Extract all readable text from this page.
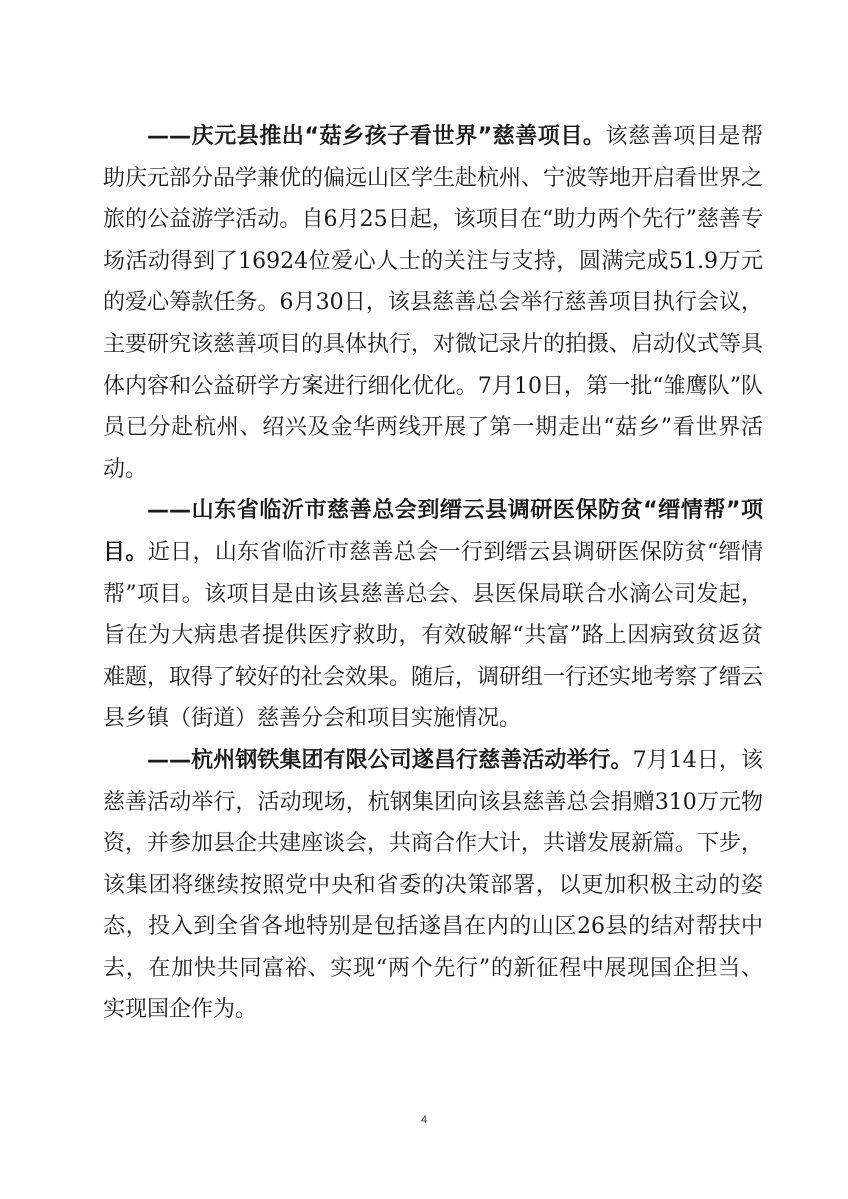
——庆元县推出“菇乡孩子看世界”慈善项目。该慈善项目是帮助庆元部分品学兼优的偏远山区学生赴杭州、宁波等地开启看世界之旅的公益游学活动。自6月25日起，该项目在“助力两个先行”慈善专场活动得到了16924位爱心人士的关注与支持，圆满完成51.9万元的爱心筹款任务。6月30日，该县慈善总会举行慈善项目执行会议，主要研究该慈善项目的具体执行，对微记录片的拍摄、启动仪式等具体内容和公益研学方案进行细化优化。7月10日，第一批“雏鹰队”队员已分赴杭州、绍兴及金华两线开展了第一期走出“菇乡”看世界活动。

——山东省临沂市慈善总会到缙云县调研医保防贫“缙情帮”项目。近日，山东省临沂市慈善总会一行到缙云县调研医保防贫“缙情帮”项目。该项目是由该县慈善总会、县医保局联合水滴公司发起，旨在为大病患者提供医疗救助，有效破解“共富”路上因病致贫返贫难题，取得了较好的社会效果。随后，调研组一行还实地考察了缙云县乡镇（街道）慈善分会和项目实施情况。

——杭州钢铁集团有限公司遂昌行慈善活动举行。7月14日，该慈善活动举行，活动现场，杭钢集团向该县慈善总会捐赠310万元物资，并参加县企共建座谈会，共商合作大计，共谱发展新篇。下步，该集团将继续按照党中央和省委的决策部署，以更加积极主动的姿态，投入到全省各地特别是包括遂昌在内的山区26县的结对帮扶中去，在加快共同富裕、实现“两个先行”的新征程中展现国企担当、实现国企作为。

4
